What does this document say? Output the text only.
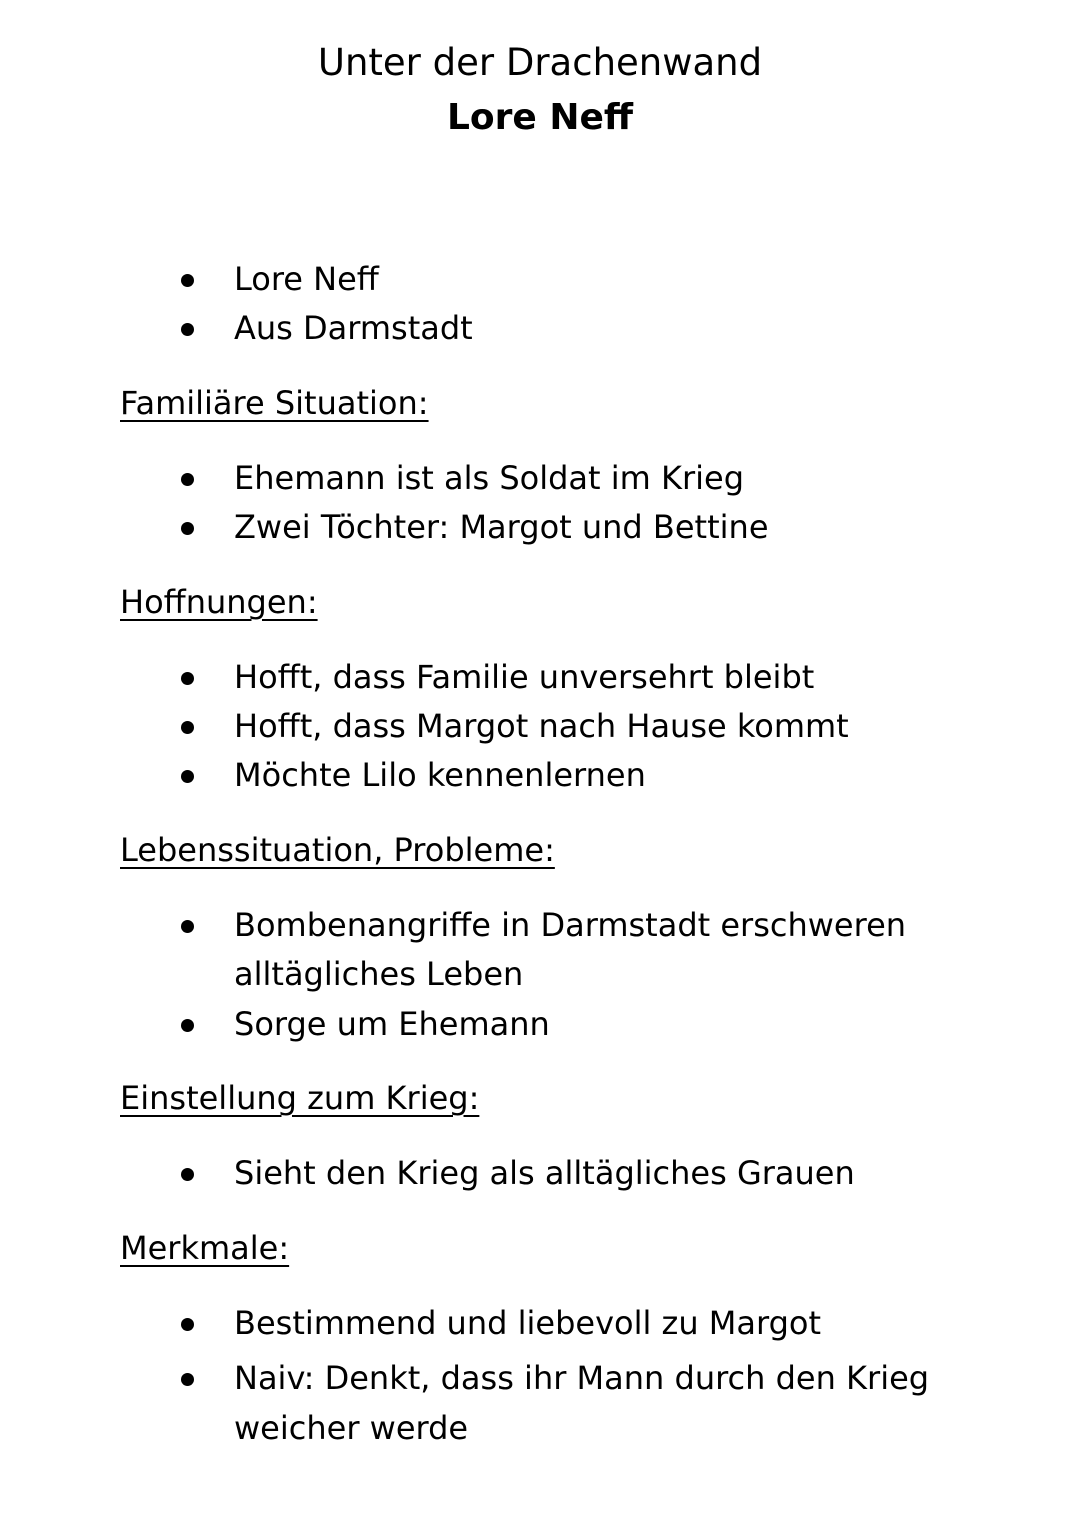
Unter der Drachenwand
Lore Neff
Lore Neff
Aus Darmstadt
Familiäre Situation:
Ehemann ist als Soldat im Krieg
Zwei Töchter: Margot und Bettine
Hoffnungen:
Hofft, dass Familie unversehrt bleibt
Hofft, dass Margot nach Hause kommt
Möchte Lilo kennenlernen
Lebenssituation, Probleme:
Bombenangriffe in Darmstadt erschweren
alltägliches Leben
Sorge um Ehemann
Einstellung zum Krieg:
Sieht den Krieg als alltägliches Grauen
Merkmale:
Bestimmend und liebevoll zu Margot
Naiv: Denkt, dass ihr Mann durch den Krieg
weicher werde
